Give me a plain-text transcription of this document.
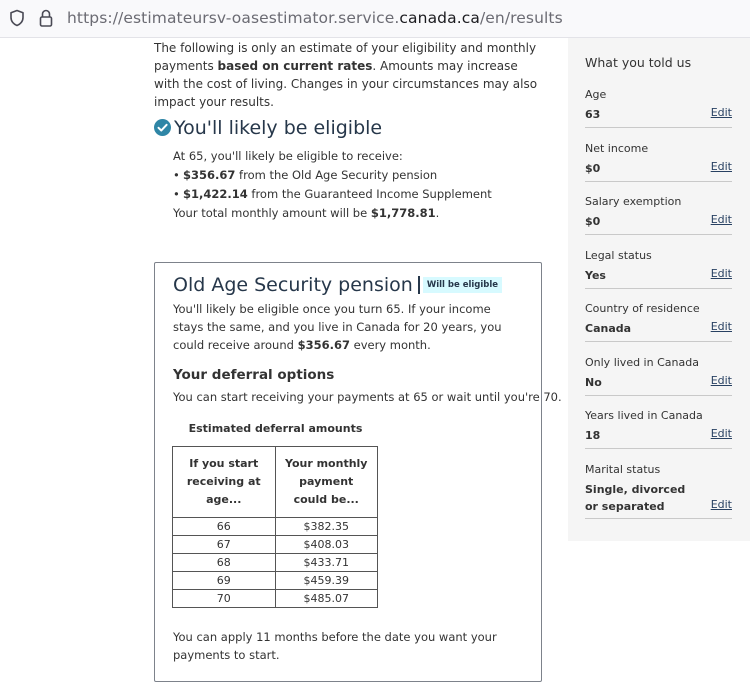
https://estimateursv-oasestimator.service.canada.ca/en/results
The following is only an estimate of your eligibility and monthly payments based on current rates. Amounts may increase with the cost of living. Changes in your circumstances may also impact your results.
You'll likely be eligible

At 65, you'll likely be eligible to receive:

• $356.67 from the Old Age Security pension
• $1,422.14 from the Guaranteed Income Supplement

Your total monthly amount will be $1,778.81.

Old Age Security pension	Will be eligible

You'll likely be eligible once you turn 65. If your income stays the same, and you live in Canada for 20 years, you could receive around $356.67 every month.

Your deferral options
You can start receiving your payments at 65 or wait until you're 70.
Estimated deferral amounts
If you start receiving at age...	Your monthly payment could be...
66	$382.35
67	$408.03
68	$433.71
69	$459.39
70	$485.07
You can apply 11 months before the date you want your payments to start.
What you told us
Age
63	Edit
Net income
$0	Edit
Salary exemption
$0	Edit
Legal status
Yes	Edit
Country of residence
Canada	Edit
Only lived in Canada
No	Edit
Years lived in Canada
18	Edit
Marital status
Single, divorced or separated	Edit
